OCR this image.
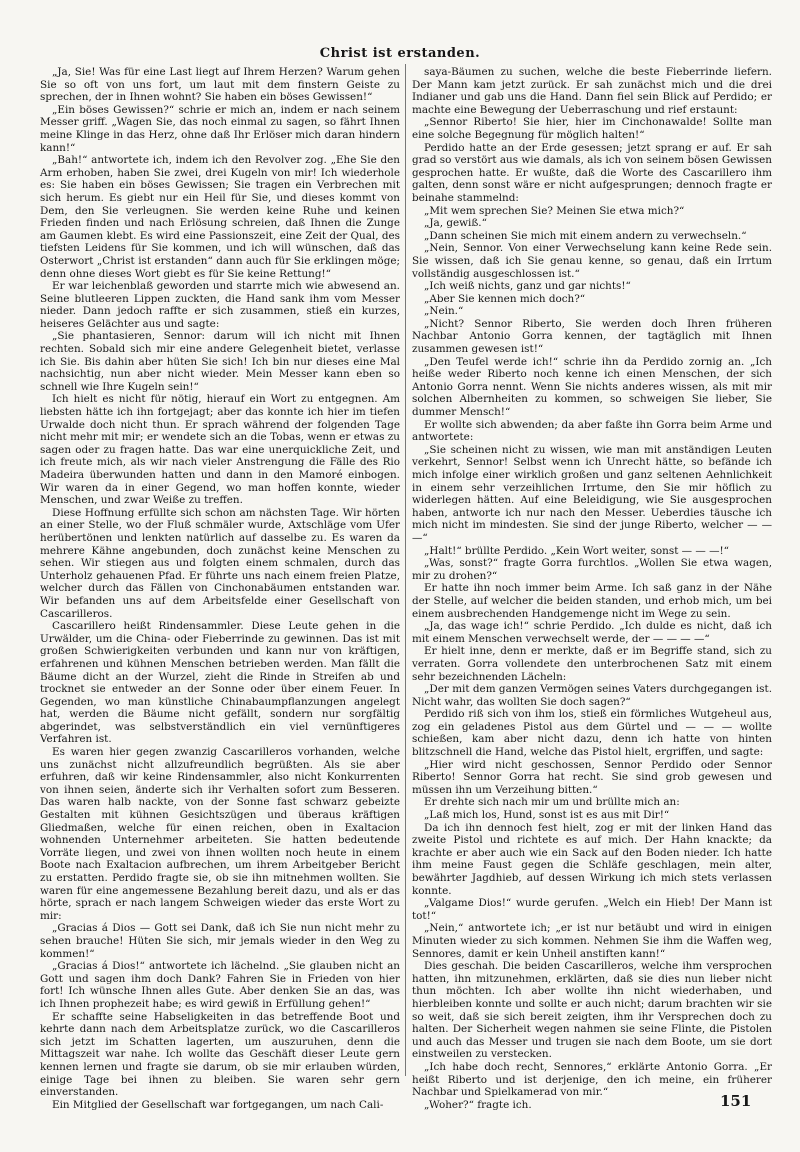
Christ ist erstanden.

„Ja, Sie! Was für eine Last liegt auf Ihrem Herzen? Warum gehen Sie so oft von uns fort, um laut mit dem finstern Geiste zu sprechen, der in Ihnen wohnt? Sie haben ein böses Gewissen!“

„Ein böses Gewissen?“ schrie er mich an, indem er nach seinem Messer griff. „Wagen Sie, das noch einmal zu sagen, so fährt Ihnen meine Klinge in das Herz, ohne daß Ihr Erlöser mich daran hindern kann!“

„Bah!“ antwortete ich, indem ich den Revolver zog. „Ehe Sie den Arm erhoben, haben Sie zwei, drei Kugeln von mir! Ich wiederhole es: Sie haben ein böses Gewissen; Sie tragen ein Verbrechen mit sich herum. Es giebt nur ein Heil für Sie, und dieses kommt von Dem, den Sie verleugnen. Sie werden keine Ruhe und keinen Frieden finden und nach Erlösung schreien, daß Ihnen die Zunge am Gaumen klebt. Es wird eine Passionszeit, eine Zeit der Qual, des tiefsten Leidens für Sie kommen, und ich will wünschen, daß das Osterwort „Christ ist erstanden“ dann auch für Sie erklingen möge; denn ohne dieses Wort giebt es für Sie keine Rettung!“

Er war leichenblaß geworden und starrte mich wie abwesend an. Seine blutleeren Lippen zuckten, die Hand sank ihm vom Messer nieder. Dann jedoch raffte er sich zusammen, stieß ein kurzes, heiseres Gelächter aus und sagte:

„Sie phantasieren, Sennor: darum will ich nicht mit Ihnen rechten. Sobald sich mir eine andere Gelegenheit bietet, verlasse ich Sie. Bis dahin aber hüten Sie sich! Ich bin nur dieses eine Mal nachsichtig, nun aber nicht wieder. Mein Messer kann eben so schnell wie Ihre Kugeln sein!“

Ich hielt es nicht für nötig, hierauf ein Wort zu entgegnen. Am liebsten hätte ich ihn fortgejagt; aber das konnte ich hier im tiefen Urwalde doch nicht thun. Er sprach während der folgenden Tage nicht mehr mit mir; er wendete sich an die Tobas, wenn er etwas zu sagen oder zu fragen hatte. Das war eine unerquickliche Zeit, und ich freute mich, als wir nach vieler Anstrengung die Fälle des Rio Madeira überwunden hatten und dann in den Mamoré einbogen. Wir waren da in einer Gegend, wo man hoffen konnte, wieder Menschen, und zwar Weiße zu treffen.

Diese Hoffnung erfüllte sich schon am nächsten Tage. Wir hörten an einer Stelle, wo der Fluß schmäler wurde, Axtschläge vom Ufer herübertönen und lenkten natürlich auf dasselbe zu. Es waren da mehrere Kähne angebunden, doch zunächst keine Menschen zu sehen. Wir stiegen aus und folgten einem schmalen, durch das Unterholz gehauenen Pfad. Er führte uns nach einem freien Platze, welcher durch das Fällen von Cinchonabäumen entstanden war. Wir befanden uns auf dem Arbeitsfelde einer Gesellschaft von Cascarilleros.

Cascarillero heißt Rindensammler. Diese Leute gehen in die Urwälder, um die China- oder Fieberrinde zu gewinnen. Das ist mit großen Schwierigkeiten verbunden und kann nur von kräftigen, erfahrenen und kühnen Menschen betrieben werden. Man fällt die Bäume dicht an der Wurzel, zieht die Rinde in Streifen ab und trocknet sie entweder an der Sonne oder über einem Feuer. In Gegenden, wo man künstliche Chinabaumpflanzungen angelegt hat, werden die Bäume nicht gefällt, sondern nur sorgfältig abgerindet, was selbstverständlich ein viel vernünftigeres Verfahren ist.

Es waren hier gegen zwanzig Cascarilleros vorhanden, welche uns zunächst nicht allzufreundlich begrüßten. Als sie aber erfuhren, daß wir keine Rindensammler, also nicht Konkurrenten von ihnen seien, änderte sich ihr Verhalten sofort zum Besseren. Das waren halb nackte, von der Sonne fast schwarz gebeizte Gestalten mit kühnen Gesichtszügen und überaus kräftigen Gliedmaßen, welche für einen reichen, oben in Exaltacion wohnenden Unternehmer arbeiteten. Sie hatten bedeutende Vorräte liegen, und zwei von ihnen wollten noch heute in einem Boote nach Exaltacion aufbrechen, um ihrem Arbeitgeber Bericht zu erstatten. Perdido fragte sie, ob sie ihn mitnehmen wollten. Sie waren für eine angemessene Bezahlung bereit dazu, und als er das hörte, sprach er nach langem Schweigen wieder das erste Wort zu mir:

„Gracias á Dios — Gott sei Dank, daß ich Sie nun nicht mehr zu sehen brauche! Hüten Sie sich, mir jemals wieder in den Weg zu kommen!“

„Gracias á Dios!“ antwortete ich lächelnd. „Sie glauben nicht an Gott und sagen ihm doch Dank? Fahren Sie in Frieden von hier fort! Ich wünsche Ihnen alles Gute. Aber denken Sie an das, was ich Ihnen prophezeit habe; es wird gewiß in Erfüllung gehen!“

Er schaffte seine Habseligkeiten in das betreffende Boot und kehrte dann nach dem Arbeitsplatze zurück, wo die Cascarilleros sich jetzt im Schatten lagerten, um auszuruhen, denn die Mittagszeit war nahe. Ich wollte das Geschäft dieser Leute gern kennen lernen und fragte sie darum, ob sie mir erlauben würden, einige Tage bei ihnen zu bleiben. Sie waren sehr gern einverstanden.

Ein Mitglied der Gesellschaft war fortgegangen, um nach Cali-

saya-Bäumen zu suchen, welche die beste Fieberrinde liefern. Der Mann kam jetzt zurück. Er sah zunächst mich und die drei Indianer und gab uns die Hand. Dann fiel sein Blick auf Perdido; er machte eine Bewegung der Ueberraschung und rief erstaunt:

„Sennor Riberto! Sie hier, hier im Cinchonawalde! Sollte man eine solche Begegnung für möglich halten!“

Perdido hatte an der Erde gesessen; jetzt sprang er auf. Er sah grad so verstört aus wie damals, als ich von seinem bösen Gewissen gesprochen hatte. Er wußte, daß die Worte des Cascarillero ihm galten, denn sonst wäre er nicht aufgesprungen; dennoch fragte er beinahe stammelnd:

„Mit wem sprechen Sie? Meinen Sie etwa mich?“

„Ja, gewiß.“

„Dann scheinen Sie mich mit einem andern zu verwechseln.“

„Nein, Sennor. Von einer Verwechselung kann keine Rede sein. Sie wissen, daß ich Sie genau kenne, so genau, daß ein Irrtum vollständig ausgeschlossen ist.“

„Ich weiß nichts, ganz und gar nichts!“

„Aber Sie kennen mich doch?“

„Nein.“

„Nicht? Sennor Riberto, Sie werden doch Ihren früheren Nachbar Antonio Gorra kennen, der tagtäglich mit Ihnen zusammen gewesen ist!“

„Den Teufel werde ich!“ schrie ihn da Perdido zornig an. „Ich heiße weder Riberto noch kenne ich einen Menschen, der sich Antonio Gorra nennt. Wenn Sie nichts anderes wissen, als mit mir solchen Albernheiten zu kommen, so schweigen Sie lieber, Sie dummer Mensch!“

Er wollte sich abwenden; da aber faßte ihn Gorra beim Arme und antwortete:

„Sie scheinen nicht zu wissen, wie man mit anständigen Leuten verkehrt, Sennor! Selbst wenn ich Unrecht hätte, so befände ich mich infolge einer wirklich großen und ganz seltenen Aehnlichkeit in einem sehr verzeihlichen Irrtume, den Sie mir höflich zu widerlegen hätten. Auf eine Beleidigung, wie Sie ausgesprochen haben, antworte ich nur nach den Messer. Ueberdies täusche ich mich nicht im mindesten. Sie sind der junge Riberto, welcher — — —“

„Halt!“ brüllte Perdido. „Kein Wort weiter, sonst — — —!“

„Was, sonst?“ fragte Gorra furchtlos. „Wollen Sie etwa wagen, mir zu drohen?“

Er hatte ihn noch immer beim Arme. Ich saß ganz in der Nähe der Stelle, auf welcher die beiden standen, und erhob mich, um bei einem ausbrechenden Handgemenge nicht im Wege zu sein.

„Ja, das wage ich!“ schrie Perdido. „Ich dulde es nicht, daß ich mit einem Menschen verwechselt werde, der — — — —“

Er hielt inne, denn er merkte, daß er im Begriffe stand, sich zu verraten. Gorra vollendete den unterbrochenen Satz mit einem sehr bezeichnenden Lächeln:

„Der mit dem ganzen Vermögen seines Vaters durchgegangen ist. Nicht wahr, das wollten Sie doch sagen?“

Perdido riß sich von ihm los, stieß ein förmliches Wutgeheul aus, zog ein geladenes Pistol aus dem Gürtel und — — — wollte schießen, kam aber nicht dazu, denn ich hatte von hinten blitzschnell die Hand, welche das Pistol hielt, ergriffen, und sagte:

„Hier wird nicht geschossen, Sennor Perdido oder Sennor Riberto! Sennor Gorra hat recht. Sie sind grob gewesen und müssen ihn um Verzeihung bitten.“

Er drehte sich nach mir um und brüllte mich an:

„Laß mich los, Hund, sonst ist es aus mit Dir!“

Da ich ihn dennoch fest hielt, zog er mit der linken Hand das zweite Pistol und richtete es auf mich. Der Hahn knackte; da krachte er aber auch wie ein Sack auf den Boden nieder. Ich hatte ihm meine Faust gegen die Schläfe geschlagen, mein alter, bewährter Jagdhieb, auf dessen Wirkung ich mich stets verlassen konnte.

„Valgame Dios!“ wurde gerufen. „Welch ein Hieb! Der Mann ist tot!“

„Nein,“ antwortete ich; „er ist nur betäubt und wird in einigen Minuten wieder zu sich kommen. Nehmen Sie ihm die Waffen weg, Sennores, damit er kein Unheil anstiften kann!“

Dies geschah. Die beiden Cascarilleros, welche ihm versprochen hatten, ihn mitzunehmen, erklärten, daß sie dies nun lieber nicht thun möchten. Ich aber wollte ihn nicht wiederhaben, und hierbleiben konnte und sollte er auch nicht; darum brachten wir sie so weit, daß sie sich bereit zeigten, ihm ihr Versprechen doch zu halten. Der Sicherheit wegen nahmen sie seine Flinte, die Pistolen und auch das Messer und trugen sie nach dem Boote, um sie dort einstweilen zu verstecken.

„Ich habe doch recht, Sennores,“ erklärte Antonio Gorra. „Er heißt Riberto und ist derjenige, den ich meine, ein früherer Nachbar und Spielkamerad von mir.“

„Woher?“ fragte ich.	151
